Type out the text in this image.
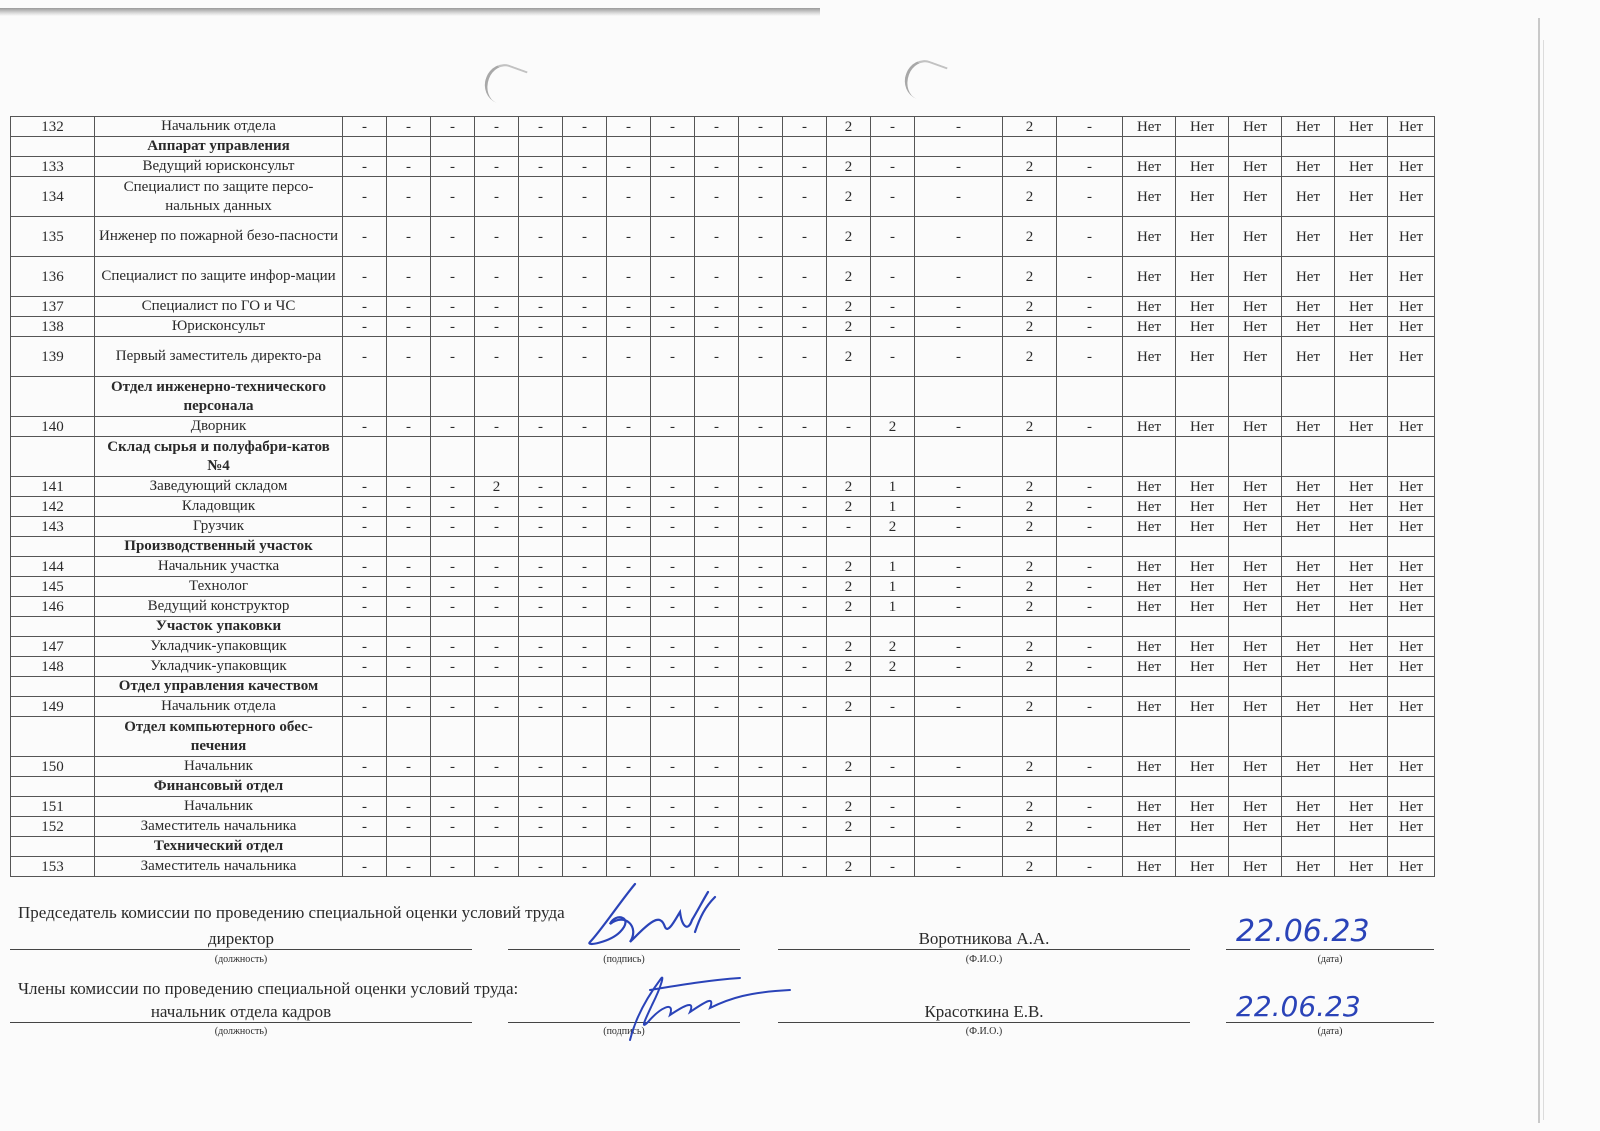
132	Начальник отдела	-	-	-	-	-	-	-	-	-	-	-	2	-	-	2	-	Нет	Нет	Нет	Нет	Нет	Нет
	Аппарат управления																						
133	Ведущий юрисконсульт	-	-	-	-	-	-	-	-	-	-	-	2	-	-	2	-	Нет	Нет	Нет	Нет	Нет	Нет
134	Специалист по защите персо-нальных данных	-	-	-	-	-	-	-	-	-	-	-	2	-	-	2	-	Нет	Нет	Нет	Нет	Нет	Нет
135	Инженер по пожарной безо-пасности	-	-	-	-	-	-	-	-	-	-	-	2	-	-	2	-	Нет	Нет	Нет	Нет	Нет	Нет
136	Специалист по защите инфор-мации	-	-	-	-	-	-	-	-	-	-	-	2	-	-	2	-	Нет	Нет	Нет	Нет	Нет	Нет
137	Специалист по ГО и ЧС	-	-	-	-	-	-	-	-	-	-	-	2	-	-	2	-	Нет	Нет	Нет	Нет	Нет	Нет
138	Юрисконсульт	-	-	-	-	-	-	-	-	-	-	-	2	-	-	2	-	Нет	Нет	Нет	Нет	Нет	Нет
139	Первый заместитель директо-ра	-	-	-	-	-	-	-	-	-	-	-	2	-	-	2	-	Нет	Нет	Нет	Нет	Нет	Нет
	Отдел инженерно-технического персонала																						
140	Дворник	-	-	-	-	-	-	-	-	-	-	-	-	2	-	2	-	Нет	Нет	Нет	Нет	Нет	Нет
	Склад сырья и полуфабри-катов №4																						
141	Заведующий складом	-	-	-	2	-	-	-	-	-	-	-	2	1	-	2	-	Нет	Нет	Нет	Нет	Нет	Нет
142	Кладовщик	-	-	-	-	-	-	-	-	-	-	-	2	1	-	2	-	Нет	Нет	Нет	Нет	Нет	Нет
143	Грузчик	-	-	-	-	-	-	-	-	-	-	-	-	2	-	2	-	Нет	Нет	Нет	Нет	Нет	Нет
	Производственный участок																						
144	Начальник участка	-	-	-	-	-	-	-	-	-	-	-	2	1	-	2	-	Нет	Нет	Нет	Нет	Нет	Нет
145	Технолог	-	-	-	-	-	-	-	-	-	-	-	2	1	-	2	-	Нет	Нет	Нет	Нет	Нет	Нет
146	Ведущий конструктор	-	-	-	-	-	-	-	-	-	-	-	2	1	-	2	-	Нет	Нет	Нет	Нет	Нет	Нет
	Участок упаковки																						
147	Укладчик-упаковщик	-	-	-	-	-	-	-	-	-	-	-	2	2	-	2	-	Нет	Нет	Нет	Нет	Нет	Нет
148	Укладчик-упаковщик	-	-	-	-	-	-	-	-	-	-	-	2	2	-	2	-	Нет	Нет	Нет	Нет	Нет	Нет
	Отдел управления качеством																						
149	Начальник отдела	-	-	-	-	-	-	-	-	-	-	-	2	-	-	2	-	Нет	Нет	Нет	Нет	Нет	Нет
	Отдел компьютерного обес-печения																						
150	Начальник	-	-	-	-	-	-	-	-	-	-	-	2	-	-	2	-	Нет	Нет	Нет	Нет	Нет	Нет
	Финансовый отдел																						
151	Начальник	-	-	-	-	-	-	-	-	-	-	-	2	-	-	2	-	Нет	Нет	Нет	Нет	Нет	Нет
152	Заместитель начальника	-	-	-	-	-	-	-	-	-	-	-	2	-	-	2	-	Нет	Нет	Нет	Нет	Нет	Нет
	Технический отдел																						
153	Заместитель начальника	-	-	-	-	-	-	-	-	-	-	-	2	-	-	2	-	Нет	Нет	Нет	Нет	Нет	Нет
Председатель комиссии по проведению специальной оценки условий труда
директор
(должность)	(подпись)
Воротникова А.А.
(Ф.И.О.)
22.06.23
(дата)
Члены комиссии по проведению специальной оценки условий труда:
начальник отдела кадров
(должность)	(подпись)
Красоткина Е.В.
(Ф.И.О.)
22.06.23
(дата)
